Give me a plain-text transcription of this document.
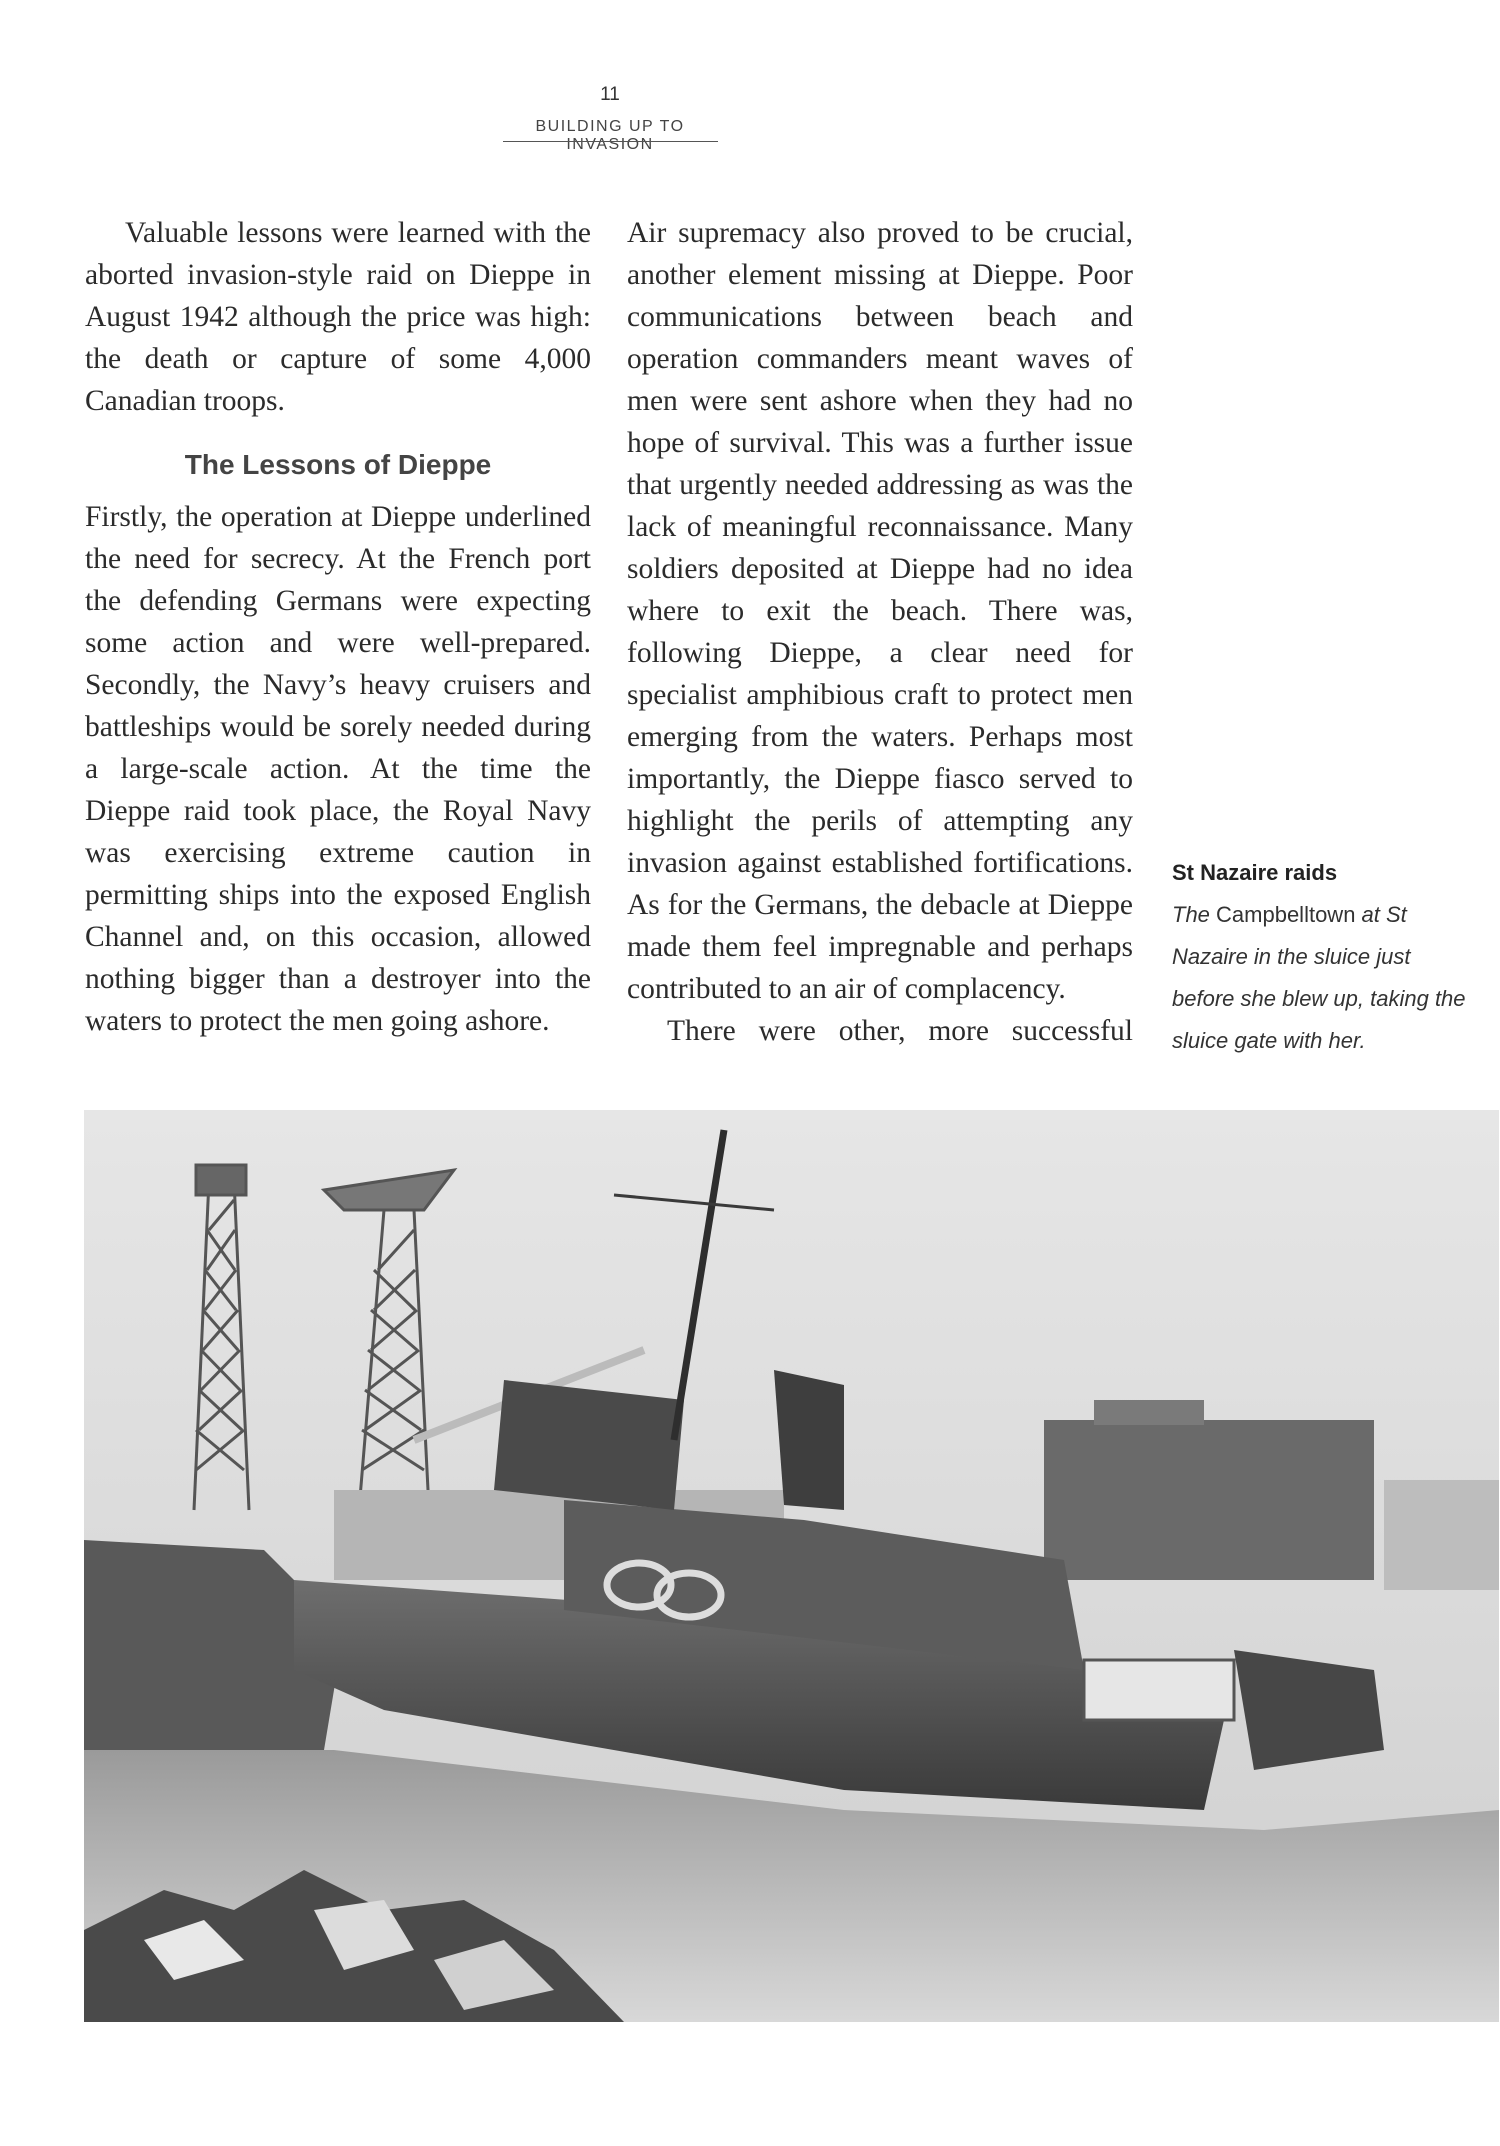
11
BUILDING UP TO INVASION

Valuable lessons were learned with the aborted invasion-style raid on Dieppe in August 1942 although the price was high: the death or capture of some 4,000 Canadian troops.

The Lessons of Dieppe

Firstly, the operation at Dieppe underlined the need for secrecy. At the French port the defending Germans were expecting some action and were well-prepared. Secondly, the Navy’s heavy cruisers and battleships would be sorely needed during a large-scale action. At the time the Dieppe raid took place, the Royal Navy was exercising extreme caution in permitting ships into the exposed English Channel and, on this occasion, allowed nothing bigger than a destroyer into the waters to protect the men going ashore.

Air supremacy also proved to be crucial, another element missing at Dieppe. Poor communications between beach and operation commanders meant waves of men were sent ashore when they had no hope of survival. This was a further issue that urgently needed addressing as was the lack of meaningful reconnaissance. Many soldiers deposited at Dieppe had no idea where to exit the beach. There was, following Dieppe, a clear need for specialist amphibious craft to protect men emerging from the waters. Perhaps most importantly, the Dieppe fiasco served to highlight the perils of attempting any invasion against established fortifications. As for the Germans, the debacle at Dieppe made them feel impregnable and perhaps contributed to an air of complacency.

There were other, more successful

St Nazaire raids
The Campbelltown at St Nazaire in the sluice just before she blew up, taking the sluice gate with her.
